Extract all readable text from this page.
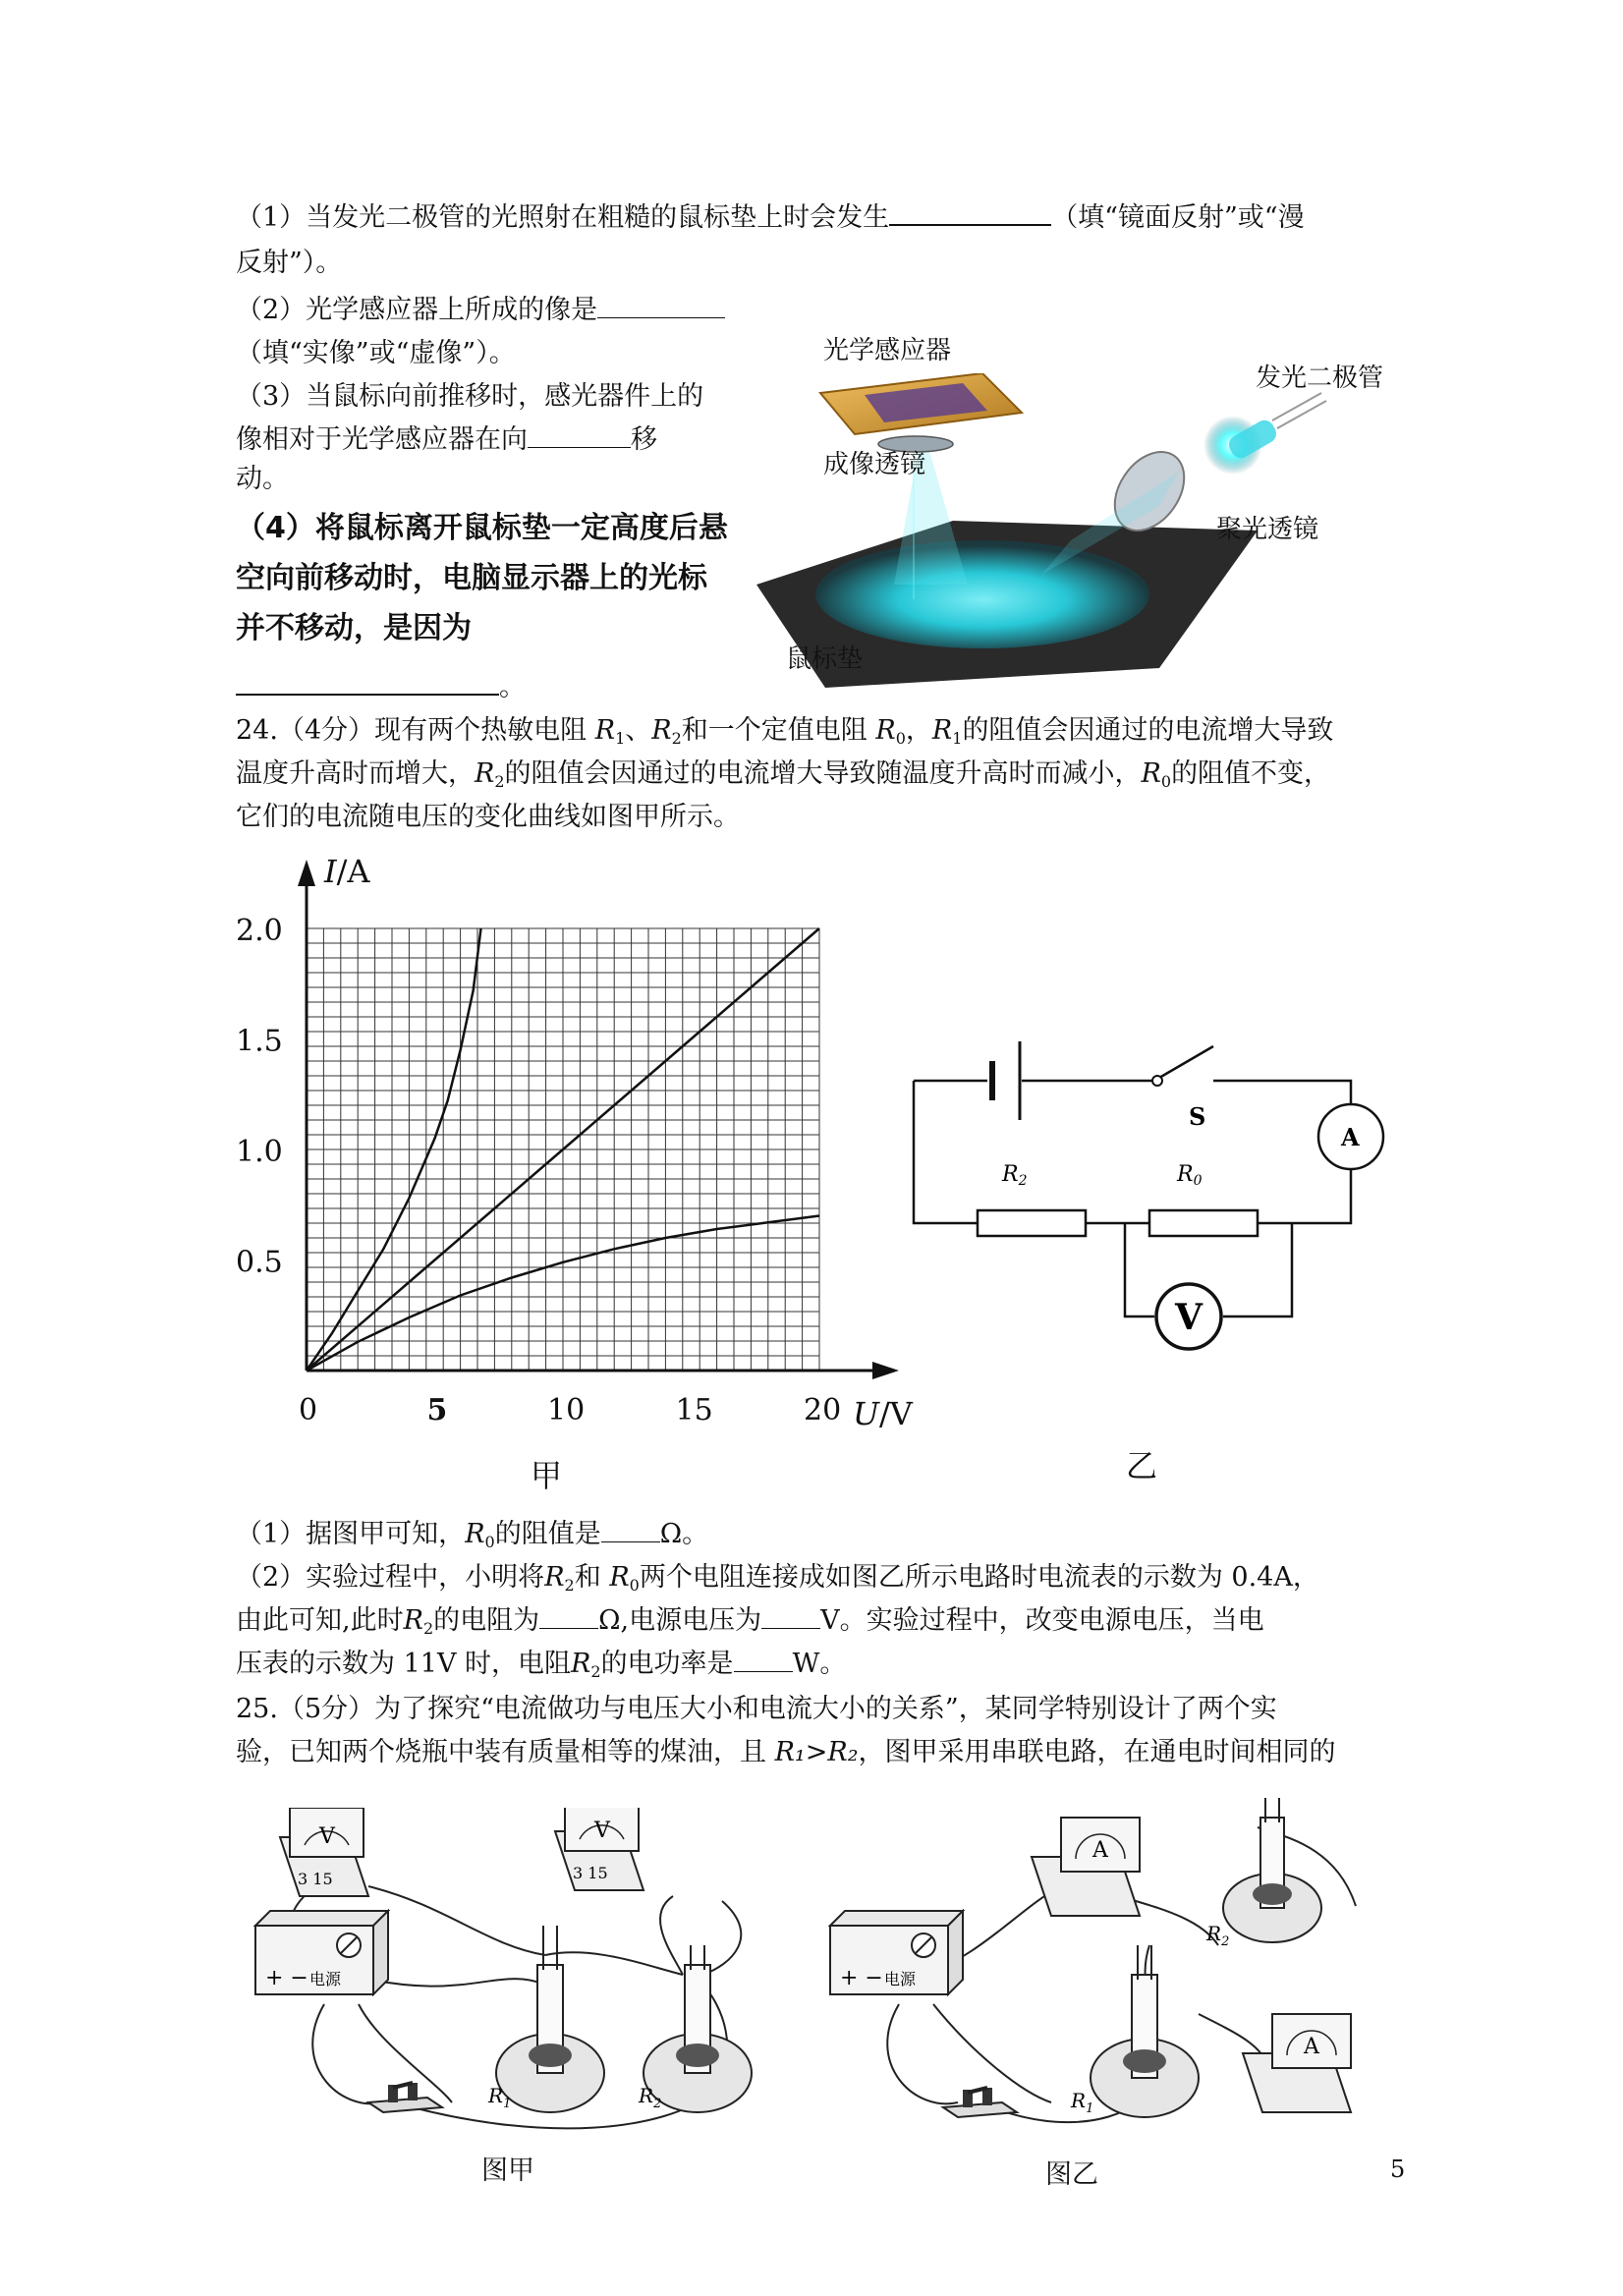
（1）当发光二极管的光照射在粗糙的鼠标垫上时会发生	（填“镜面反射”或“漫
反射”）。
（2）光学感应器上所成的像是
（填“实像”或“虚像”）。
（3）当鼠标向前推移时，感光器件上的
像相对于光学感应器在向	移
动。
（4）将鼠标离开鼠标垫一定高度后悬
空向前移动时，电脑显示器上的光标
并不移动，是因为
。
光学感应器
发光二极管
成像透镜
聚光透镜
鼠标垫
24.（4分）现有两个热敏电阻 $R_1$、$R_2$和一个定值电阻 $R_0$，$R_1$的阻值会因通过的电流增大导致
温度升高时而增大，$R_2$的阻值会因通过的电流增大导致随温度升高时而减小，$R_0$的阻值不变，
它们的电流随电压的变化曲线如图甲所示。
0	5	10	15	20
0.5
1.0
1.5
2.0
I/A
U/V
甲
S
A
R2	R0
V
乙
（1）据图甲可知，$R_0$的阻值是 Ω。
（2）实验过程中，小明将$R_2$和 $R_0$两个电阻连接成如图乙所示电路时电流表的示数为 0.4A，
由此可知,此时$R_2$的电阻为 Ω,电源电压为 V。实验过程中，改变电源电压，当电
压表的示数为 11V 时，电阻$R_2$的电功率是 W。
25.（5分）为了探究“电流做功与电压大小和电流大小的关系”，某同学特别设计了两个实
验，已知两个烧瓶中装有质量相等的煤油，且 R₁>R₂，图甲采用串联电路，在通电时间相同的
+ − 电源
V
3 15
V
3 15
$R_1$	$R_2$
图甲
+ − 电源
A
A
$R_1$
$R_2$
图乙	5
